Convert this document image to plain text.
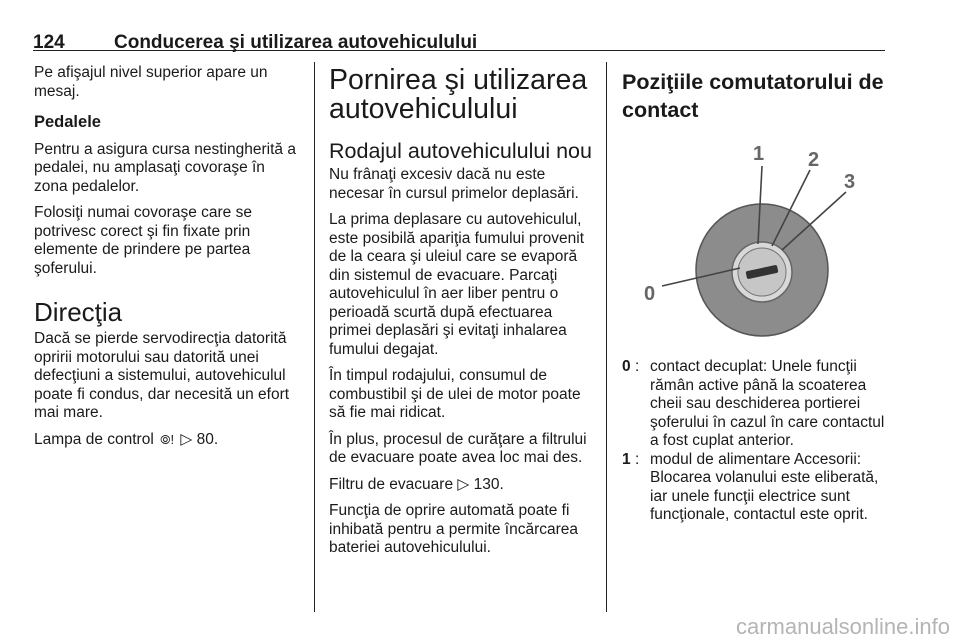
124	Conducerea şi utilizarea autovehiculului

Pe afişajul nivel superior apare un mesaj.

Pedalele

Pentru a asigura cursa nestingherită a pedalei, nu amplasaţi covoraşe în zona pedalelor.

Folosiţi numai covoraşe care se potrivesc corect şi fin fixate prin elemente de prindere pe partea şoferului.

Direcţia

Dacă se pierde servodirecţia datorită opririi motorului sau datorită unei defecţiuni a sistemului, autovehiculul poate fi condus, dar necesită un efort mai mare.

Lampa de control ⦾! ▷ 80.

Pornirea şi utilizarea autovehiculului
Rodajul autovehiculului nou

Nu frânaţi excesiv dacă nu este necesar în cursul primelor deplasări.

La prima deplasare cu autovehiculul, este posibilă apariţia fumului provenit de la ceara şi uleiul care se evaporă din sistemul de evacuare. Parcaţi autovehiculul în aer liber pentru o perioadă scurtă după efectuarea primei deplasări şi evitaţi inhalarea fumului degajat.

În timpul rodajului, consumul de combustibil şi de ulei de motor poate să fie mai ridicat.

În plus, procesul de curăţare a filtrului de evacuare poate avea loc mai des.

Filtru de evacuare ▷ 130.

Funcţia de oprire automată poate fi inhibată pentru a permite încărcarea bateriei autovehiculului.

Poziţiile comutatorului de contact
0
1 2
3
0 : contact decuplat: Unele funcţii rămân active până la scoaterea cheii sau deschiderea portierei şoferului în cazul în care contactul a fost cuplat anterior.
1 : modul de alimentare Accesorii: Blocarea volanului este eliberată, iar unele funcţii electrice sunt funcţionale, contactul este oprit.
carmanualsonline.info
